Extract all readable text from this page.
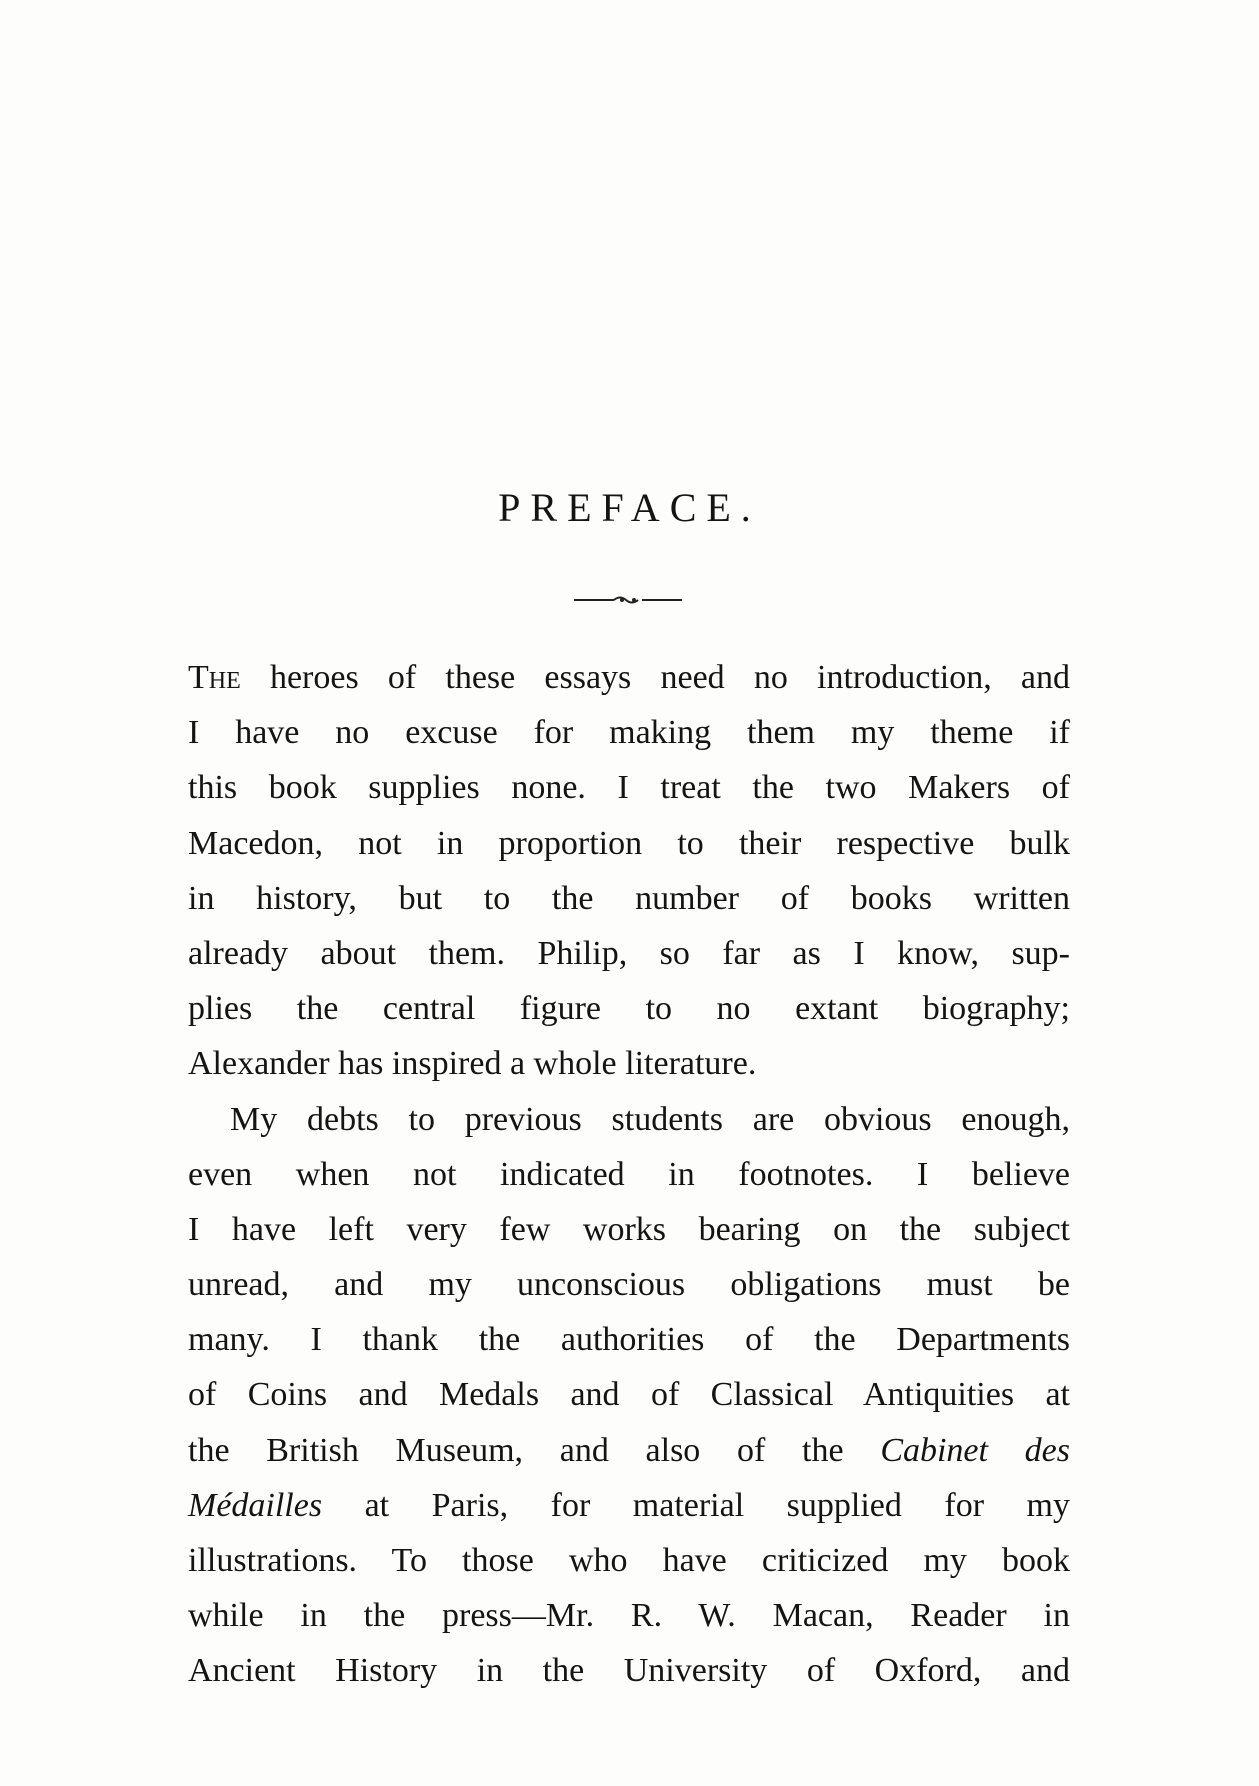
PREFACE.
The heroes of these essays need no introduction, and
I have no excuse for making them my theme if
this book supplies none. I treat the two Makers of
Macedon, not in proportion to their respective bulk
in history, but to the number of books written
already about them. Philip, so far as I know, sup-
plies the central figure to no extant biography;
Alexander has inspired a whole literature.
My debts to previous students are obvious enough,
even when not indicated in footnotes. I believe
I have left very few works bearing on the subject
unread, and my unconscious obligations must be
many. I thank the authorities of the Departments
of Coins and Medals and of Classical Antiquities at
the British Museum, and also of the Cabinet des
Médailles at Paris, for material supplied for my
illustrations. To those who have criticized my book
while in the press—Mr. R. W. Macan, Reader in
Ancient History in the University of Oxford, and
